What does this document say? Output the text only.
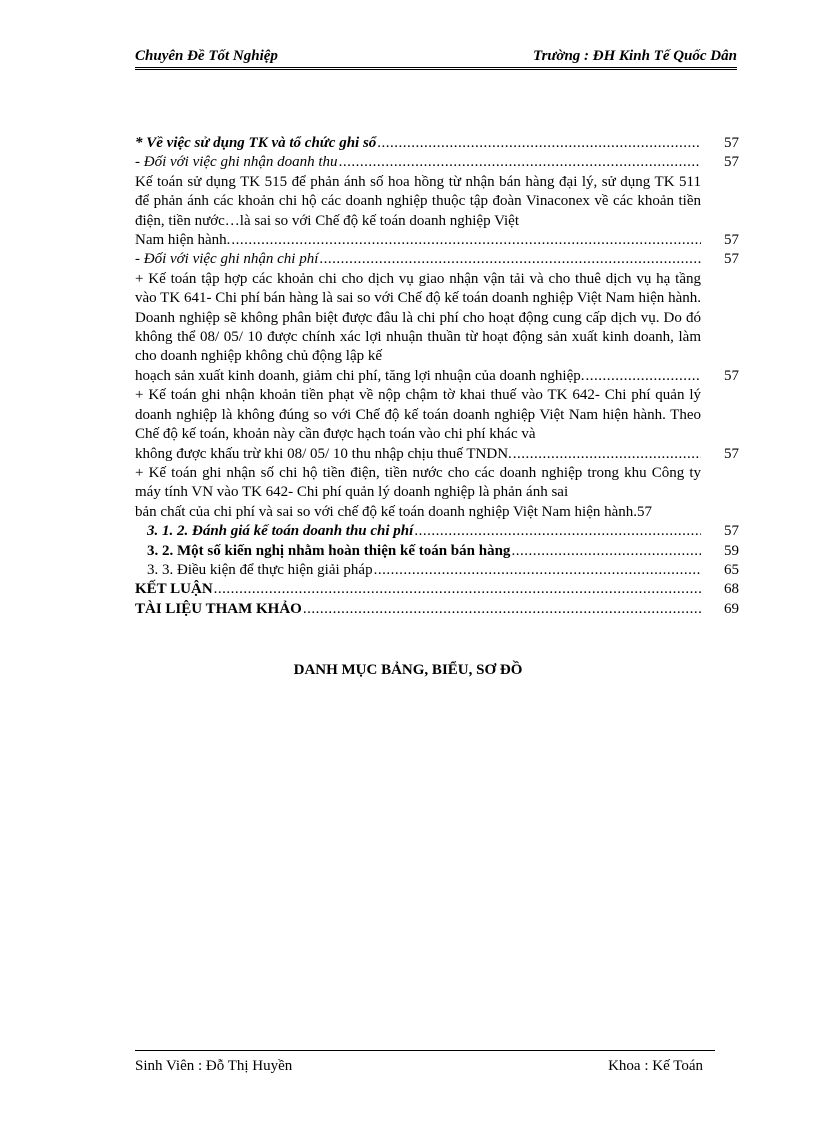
Chuyên Đề Tốt Nghiệp	Trường : ĐH Kinh Tế Quốc Dân
* Về việc sử dụng TK và tổ chức ghi sổ .....	57
- Đối với việc ghi nhận doanh thu .....	57
Kế toán sử dụng TK 515 để phản ánh số hoa hồng từ nhận bán hàng đại lý, sử dụng TK 511 để phản ánh các khoản chi hộ các doanh nghiệp thuộc tập đoàn Vinaconex về các khoản tiền điện, tiền nước…là sai so với Chế độ kế toán doanh nghiệp Việt
Nam hiện hành. .....	57
- Đối với việc ghi nhận chi phí .....	57
+ Kế toán tập hợp các khoản chi cho dịch vụ giao nhận vận tải và cho thuê dịch vụ hạ tầng vào TK 641- Chi phí bán hàng là sai so với Chế độ kế toán doanh nghiệp Việt Nam hiện hành. Doanh nghiệp sẽ không phân biệt được đâu là chi phí cho hoạt động cung cấp dịch vụ. Do đó không thể 08/ 05/ 10 được chính xác lợi nhuận thuần từ hoạt động sản xuất kinh doanh, làm cho doanh nghiệp không chủ động lập kế
hoạch sản xuất kinh doanh, giảm chi phí, tăng lợi nhuận của doanh nghiệp. .....	57
+ Kế toán ghi nhận khoản tiền phạt về nộp chậm tờ khai thuế vào TK 642- Chi phí quản lý doanh nghiệp là không đúng so với Chế độ kế toán doanh nghiệp Việt Nam hiện hành. Theo Chế độ kế toán, khoản này cần được hạch toán vào chi phí khác và
không được khấu trừ khi 08/ 05/ 10 thu nhập chịu thuế TNDN. .....	57
+ Kế toán ghi nhận số chi hộ tiền điện, tiền nước cho các doanh nghiệp trong khu Công ty máy tính VN vào TK 642- Chi phí quản lý doanh nghiệp là phản ánh sai
bản chất của chi phí và sai so với chế độ kế toán doanh nghiệp Việt Nam hiện hành. 57
3. 1. 2. Đánh giá kế toán doanh thu chi phí .....	57
3. 2. Một số kiến nghị nhằm hoàn thiện kế toán bán hàng .....	59
3. 3. Điều kiện để thực hiện giải pháp .....	65
KẾT LUẬN .....	68
TÀI LIỆU THAM KHẢO .....	69
DANH MỤC BẢNG, BIỂU, SƠ ĐỒ
Sinh Viên : Đỗ Thị Huyền	Khoa : Kế Toán
